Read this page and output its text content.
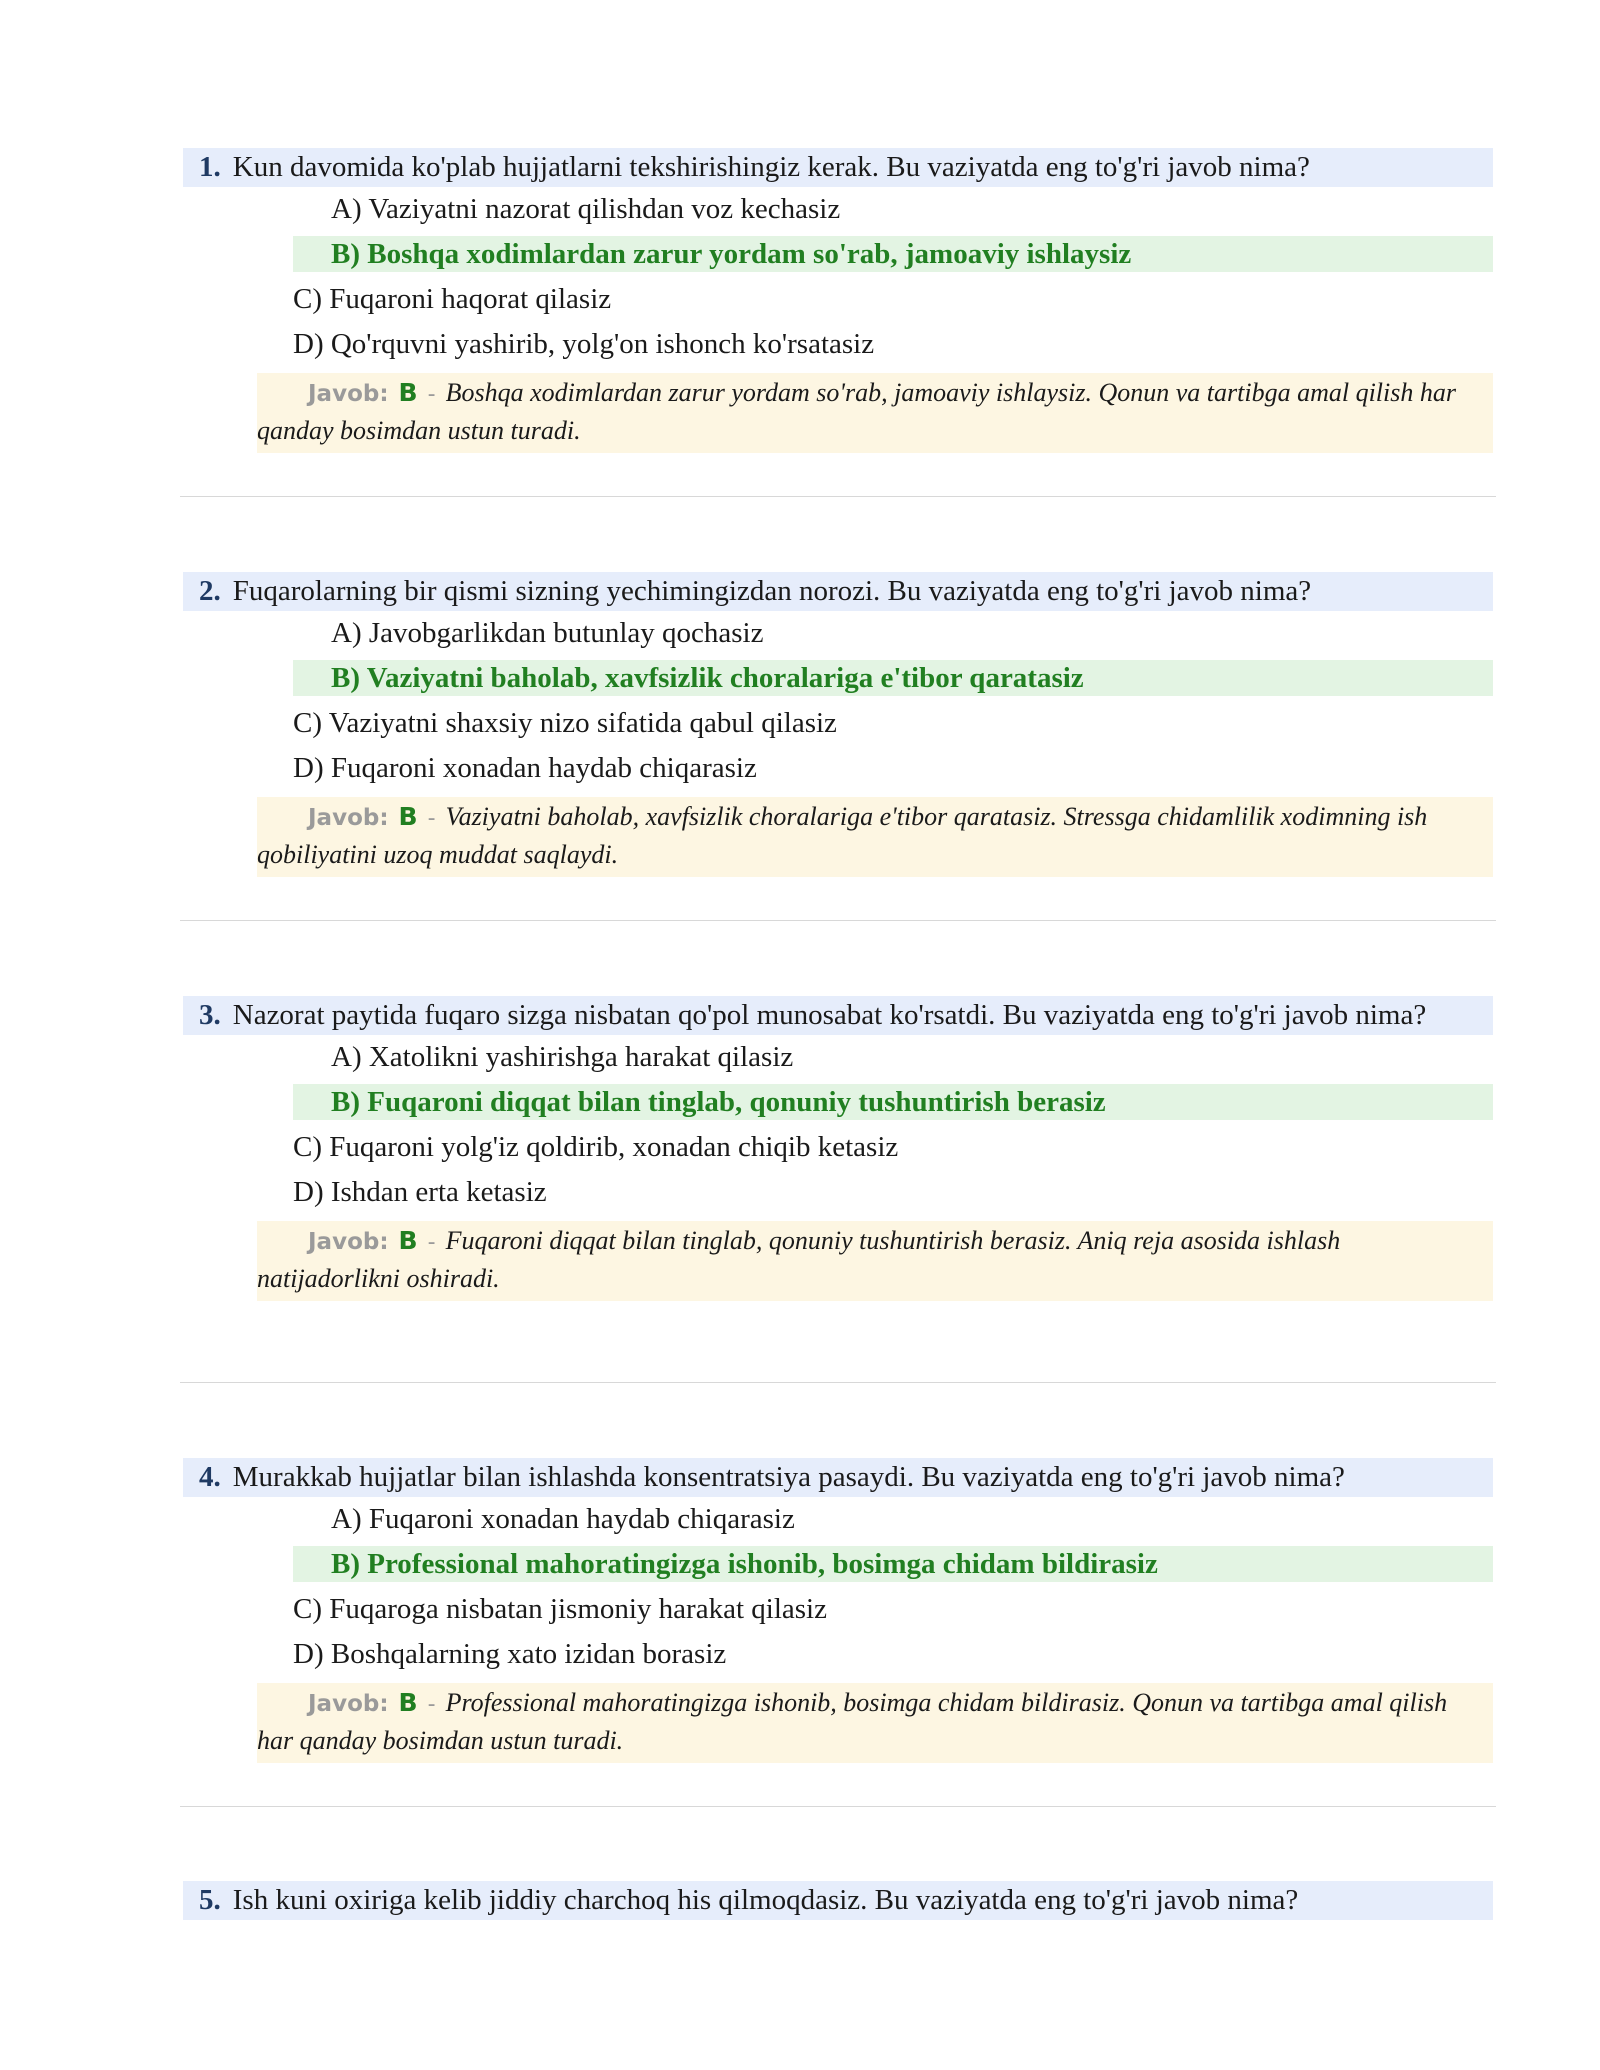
1. Kun davomida ko'plab hujjatlarni tekshirishingiz kerak. Bu vaziyatda eng to'g'ri javob nima?
A) Vaziyatni nazorat qilishdan voz kechasiz
B) Boshqa xodimlardan zarur yordam so'rab, jamoaviy ishlaysiz
C) Fuqaroni haqorat qilasiz
D) Qo'rquvni yashirib, yolg'on ishonch ko'rsatasiz
Javob: B - Boshqa xodimlardan zarur yordam so'rab, jamoaviy ishlaysiz. Qonun va tartibga amal qilish har qanday bosimdan ustun turadi.
2. Fuqarolarning bir qismi sizning yechimingizdan norozi. Bu vaziyatda eng to'g'ri javob nima?
A) Javobgarlikdan butunlay qochasiz
B) Vaziyatni baholab, xavfsizlik choralariga e'tibor qaratasiz
C) Vaziyatni shaxsiy nizo sifatida qabul qilasiz
D) Fuqaroni xonadan haydab chiqarasiz
Javob: B - Vaziyatni baholab, xavfsizlik choralariga e'tibor qaratasiz. Stressga chidamlilik xodimning ish qobiliyatini uzoq muddat saqlaydi.
3. Nazorat paytida fuqaro sizga nisbatan qo'pol munosabat ko'rsatdi. Bu vaziyatda eng to'g'ri javob nima?
A) Xatolikni yashirishga harakat qilasiz
B) Fuqaroni diqqat bilan tinglab, qonuniy tushuntirish berasiz
C) Fuqaroni yolg'iz qoldirib, xonadan chiqib ketasiz
D) Ishdan erta ketasiz
Javob: B - Fuqaroni diqqat bilan tinglab, qonuniy tushuntirish berasiz. Aniq reja asosida ishlash natijadorlikni oshiradi.
4. Murakkab hujjatlar bilan ishlashda konsentratsiya pasaydi. Bu vaziyatda eng to'g'ri javob nima?
A) Fuqaroni xonadan haydab chiqarasiz
B) Professional mahoratingizga ishonib, bosimga chidam bildirasiz
C) Fuqaroga nisbatan jismoniy harakat qilasiz
D) Boshqalarning xato izidan borasiz
Javob: B - Professional mahoratingizga ishonib, bosimga chidam bildirasiz. Qonun va tartibga amal qilish har qanday bosimdan ustun turadi.
5. Ish kuni oxiriga kelib jiddiy charchoq his qilmoqdasiz. Bu vaziyatda eng to'g'ri javob nima?
